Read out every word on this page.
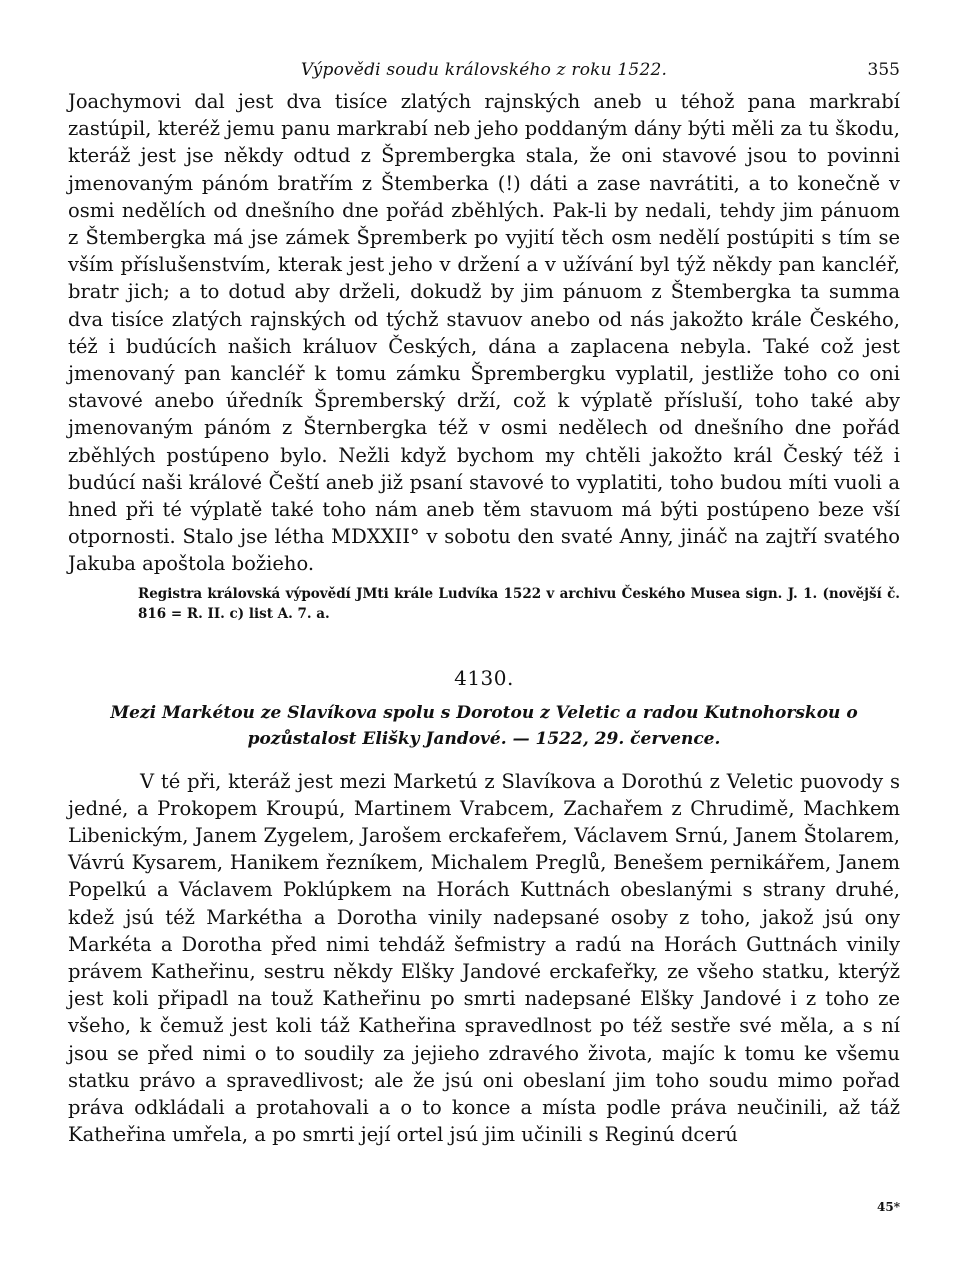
Výpovědi soudu královského z roku 1522.	355

Joachymovi dal jest dva tisíce zlatých rajnských aneb u téhož pana markrabí zastúpil, kteréž jemu panu markrabí neb jeho poddaným dány býti měli za tu škodu, kteráž jest jse někdy odtud z Šprembergka stala, že oni stavové jsou to povinni jmenovaným pánóm bratřím z Štemberka (!) dáti a zase navrátiti, a to konečně v osmi nedělích od dnešního dne pořád zběhlých. Pak-li by nedali, tehdy jim pánuom z Štembergka má jse zámek Špremberk po vyjití těch osm nedělí postúpiti s tím se vším příslušenstvím, kterak jest jeho v držení a v užívání byl týž někdy pan kancléř, bratr jich; a to dotud aby drželi, dokudž by jim pánuom z Štembergka ta summa dva tisíce zlatých rajnských od týchž stavuov anebo od nás jakožto krále Českého, též i budúcích našich králuov Českých, dána a zaplacena nebyla. Také což jest jmenovaný pan kancléř k tomu zámku Šprembergku vyplatil, jestliže toho co oni stavové anebo úředník Špremberský drží, což k výplatě přísluší, toho také aby jmenovaným pánóm z Šternbergka též v osmi nedělech od dnešního dne pořád zběhlých postúpeno bylo. Nežli když bychom my chtěli jakožto král Český též i budúcí naši králové Čeští aneb již psaní stavové to vyplatiti, toho budou míti vuoli a hned při té výplatě také toho nám aneb těm stavuom má býti postúpeno beze vší otpornosti. Stalo jse létha MDXXII° v sobotu den svaté Anny, jináč na zajtří svatého Jakuba apoštola božieho.

Registra královská výpovědí JMti krále Ludvíka 1522 v archivu Českého Musea sign. J. 1. (novější č. 816 = R. II. c) list A. 7. a.

4130.
Mezi Markétou ze Slavíkova spolu s Dorotou z Veletic a radou Kutnohorskou o pozůstalost Elišky Jandové. — 1522, 29. července.

V té při, kteráž jest mezi Marketú z Slavíkova a Dorothú z Veletic puovody s jedné, a Prokopem Kroupú, Martinem Vrabcem, Zachařem z Chrudimě, Machkem Libenickým, Janem Zygelem, Jarošem erckafeřem, Václavem Srnú, Janem Štolarem, Vávrú Kysarem, Hanikem řezníkem, Michalem Preglů, Benešem pernikářem, Janem Popelkú a Václavem Poklúpkem na Horách Kuttnách obeslanými s strany druhé, kdež jsú též Markétha a Dorotha vinily nadepsané osoby z toho, jakož jsú ony Markéta a Dorotha před nimi tehdáž šefmistry a radú na Horách Guttnách vinily právem Katheřinu, sestru někdy Elšky Jandové erckafeřky, ze všeho statku, kterýž jest koli připadl na touž Katheřinu po smrti nadepsané Elšky Jandové i z toho ze všeho, k čemuž jest koli táž Katheřina spravedlnost po též sestře své měla, a s ní jsou se před nimi o to soudily za jejieho zdravého života, majíc k tomu ke všemu statku právo a spravedlivost; ale že jsú oni obeslaní jim toho soudu mimo pořad práva odkládali a protahovali a o to konce a místa podle práva neučinili, až táž Katheřina umřela, a po smrti její ortel jsú jim učinili s Reginú dcerú

45*
